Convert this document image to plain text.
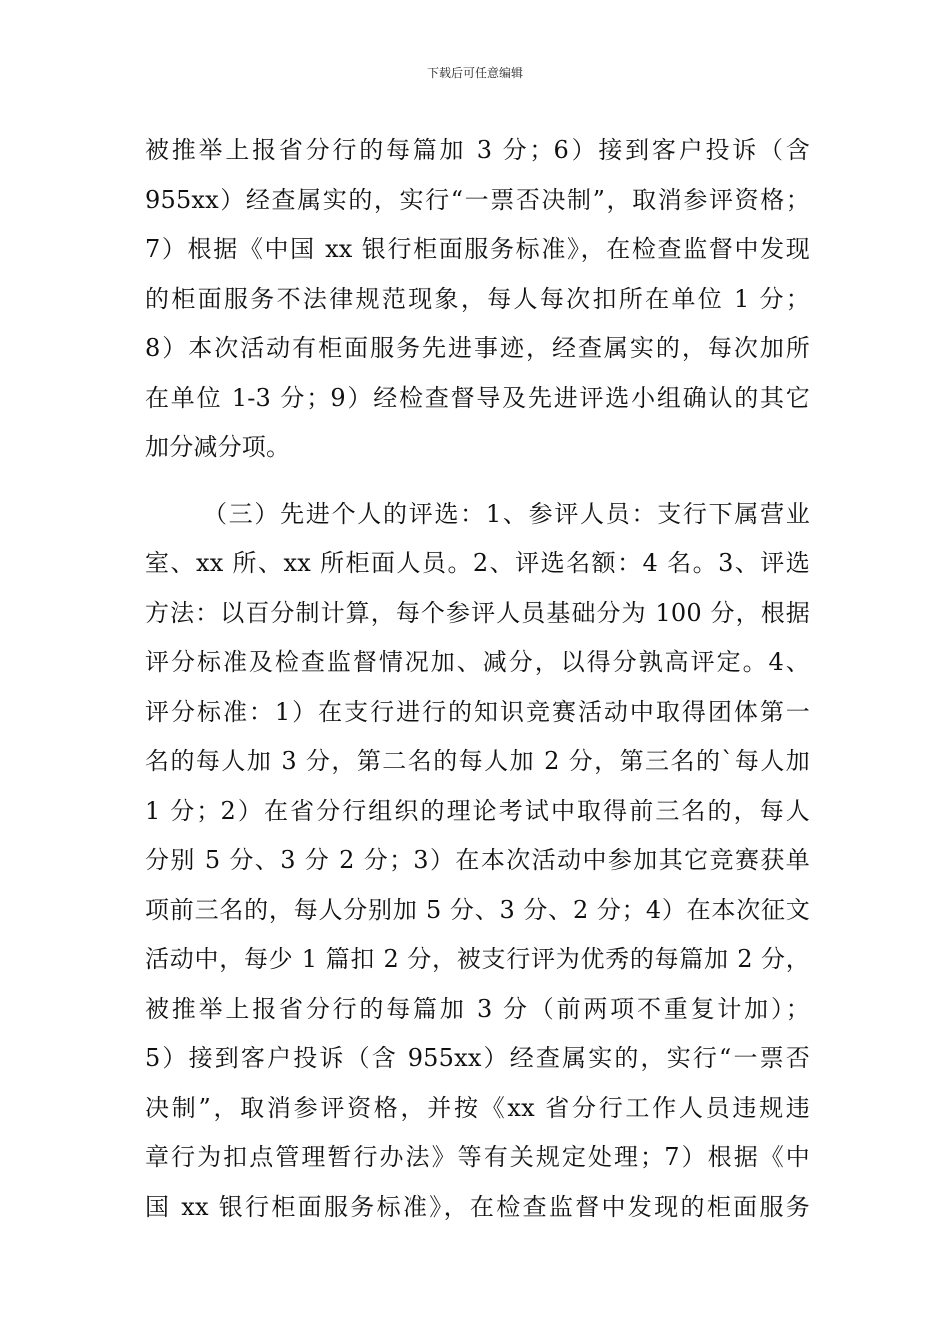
下载后可任意编辑
被推举上报省分行的每篇加 3 分；6）接到客户投诉（含
955xx）经查属实的，实行“一票否决制”，取消参评资格；
7）根据《中国 xx 银行柜面服务标准》，在检查监督中发现
的柜面服务不法律规范现象，每人每次扣所在单位 1 分；
8）本次活动有柜面服务先进事迹，经查属实的，每次加所
在单位 1-3 分；9）经检查督导及先进评选小组确认的其它
加分减分项。
（三）先进个人的评选：1、参评人员：支行下属营业
室、xx 所、xx 所柜面人员。2、评选名额：4 名。3、评选
方法：以百分制计算，每个参评人员基础分为 100 分，根据
评分标准及检查监督情况加、减分，以得分孰高评定。4、
评分标准：1）在支行进行的知识竞赛活动中取得团体第一
名的每人加 3 分，第二名的每人加 2 分，第三名的`每人加
1 分；2）在省分行组织的理论考试中取得前三名的，每人
分别 5 分、3 分 2 分；3）在本次活动中参加其它竞赛获单
项前三名的，每人分别加 5 分、3 分、2 分；4）在本次征文
活动中，每少 1 篇扣 2 分，被支行评为优秀的每篇加 2 分，
被推举上报省分行的每篇加 3 分（前两项不重复计加）；
5）接到客户投诉（含 955xx）经查属实的，实行“一票否
决制”，取消参评资格，并按《xx 省分行工作人员违规违
章行为扣点管理暂行办法》等有关规定处理；7）根据《中
国 xx 银行柜面服务标准》，在检查监督中发现的柜面服务
